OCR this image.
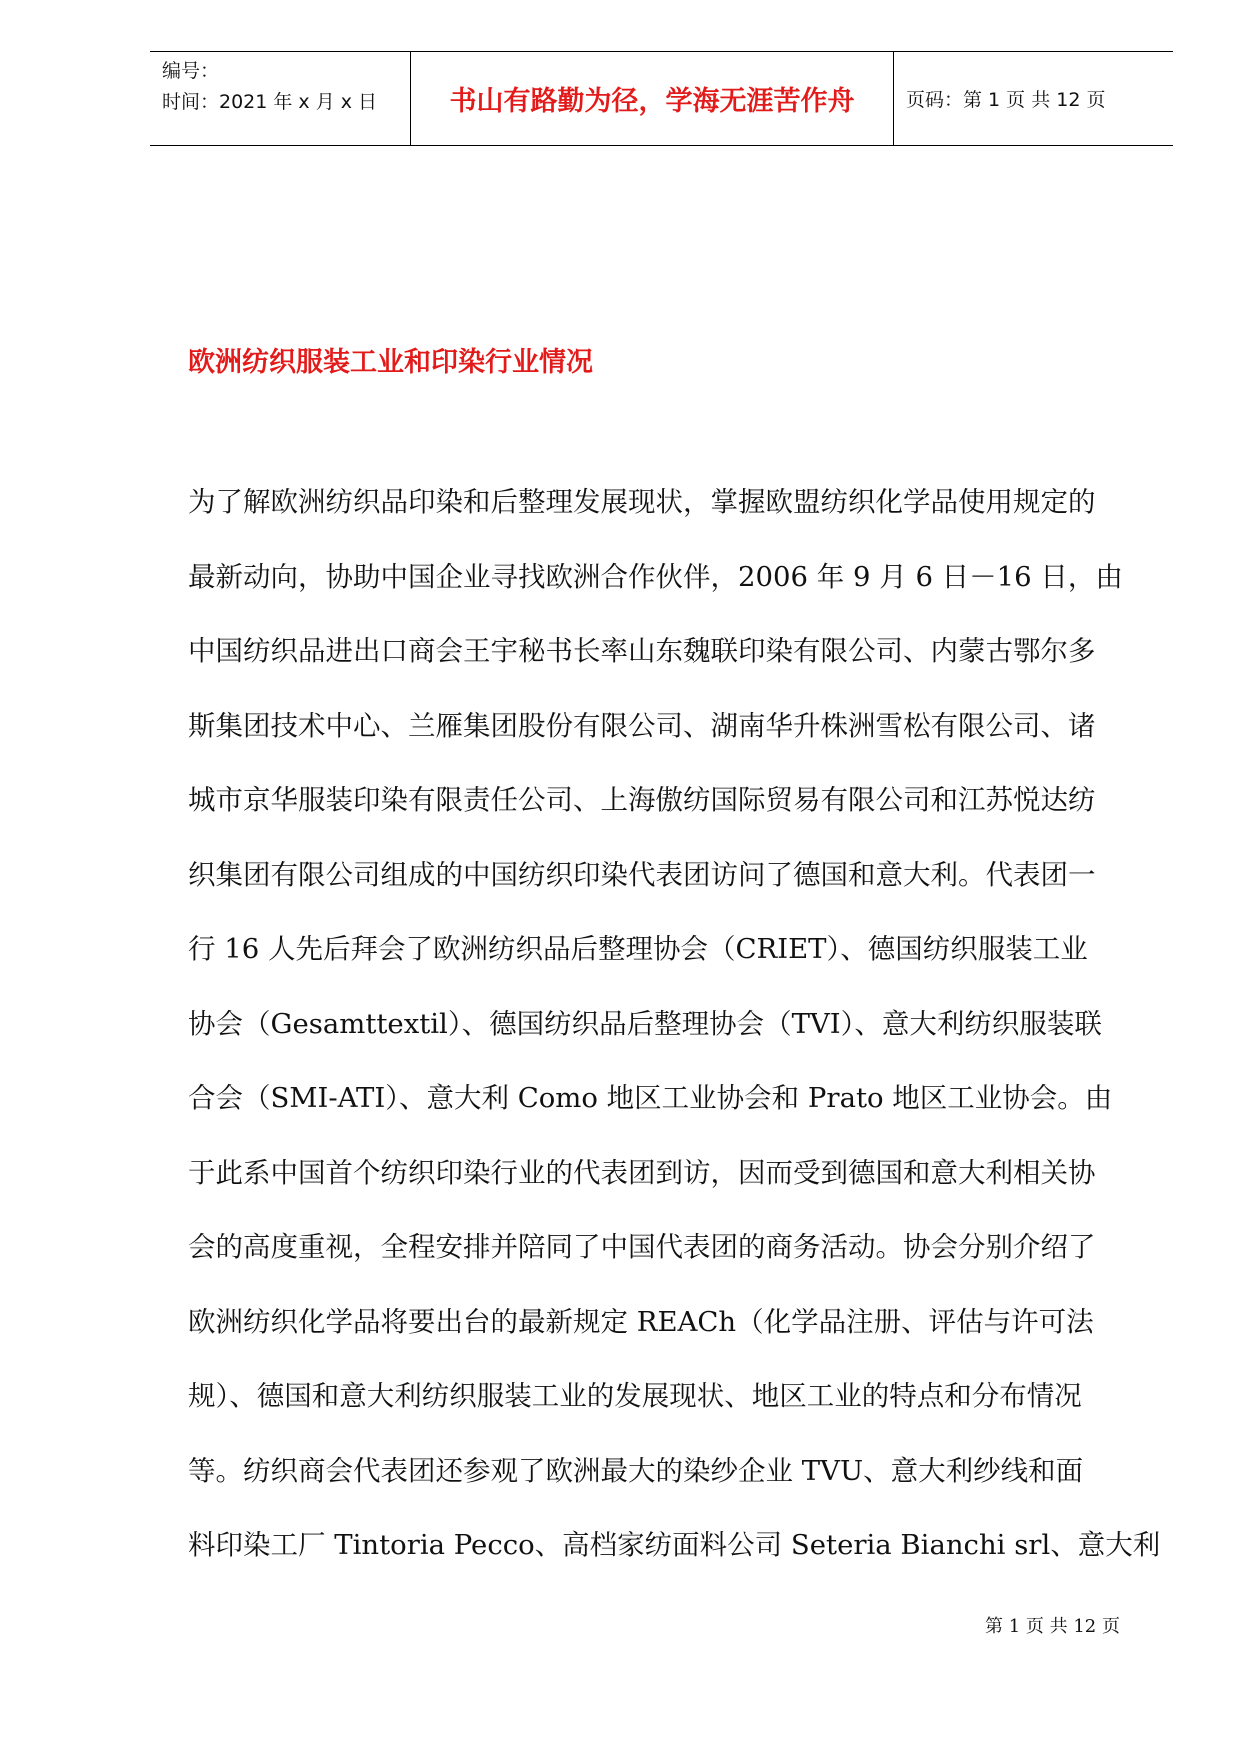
编号：
时间：2021 年 x 月 x 日	书山有路勤为径，学海无涯苦作舟	页码：第 1 页 共 12 页
欧洲纺织服装工业和印染行业情况
为了解欧洲纺织品印染和后整理发展现状，掌握欧盟纺织化学品使用规定的
最新动向，协助中国企业寻找欧洲合作伙伴，2006 年 9 月 6 日－16 日，由
中国纺织品进出口商会王宇秘书长率山东魏联印染有限公司、内蒙古鄂尔多
斯集团技术中心、兰雁集团股份有限公司、湖南华升株洲雪松有限公司、诸
城市京华服装印染有限责任公司、上海傲纺国际贸易有限公司和江苏悦达纺
织集团有限公司组成的中国纺织印染代表团访问了德国和意大利。代表团一
行 16 人先后拜会了欧洲纺织品后整理协会（CRIET）、德国纺织服装工业
协会（Gesamttextil）、德国纺织品后整理协会（TVI）、意大利纺织服装联
合会（SMI-ATI）、意大利 Como 地区工业协会和 Prato 地区工业协会。由
于此系中国首个纺织印染行业的代表团到访，因而受到德国和意大利相关协
会的高度重视，全程安排并陪同了中国代表团的商务活动。协会分别介绍了
欧洲纺织化学品将要出台的最新规定 REACh（化学品注册、评估与许可法
规）、德国和意大利纺织服装工业的发展现状、地区工业的特点和分布情况
等。纺织商会代表团还参观了欧洲最大的染纱企业 TVU、意大利纱线和面
料印染工厂 Tintoria Pecco、高档家纺面料公司 Seteria Bianchi srl、意大利
第 1 页 共 12 页
